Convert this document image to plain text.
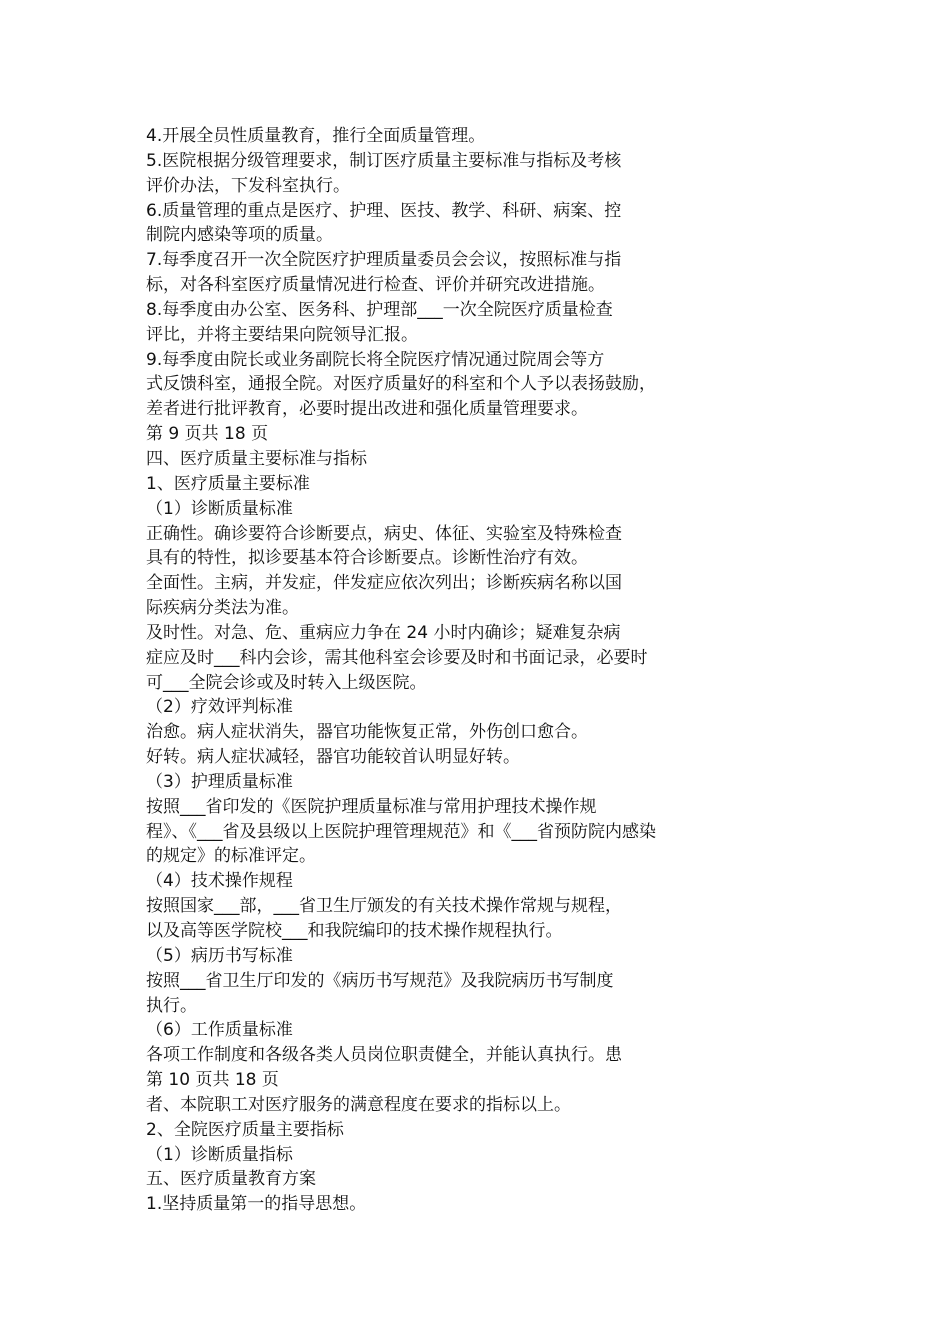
4.开展全员性质量教育，推行全面质量管理。
5.医院根据分级管理要求，制订医疗质量主要标准与指标及考核
评价办法，下发科室执行。
6.质量管理的重点是医疗、护理、医技、教学、科研、病案、控
制院内感染等项的质量。
7.每季度召开一次全院医疗护理质量委员会会议，按照标准与指
标，对各科室医疗质量情况进行检查、评价并研究改进措施。
8.每季度由办公室、医务科、护理部___一次全院医疗质量检查
评比，并将主要结果向院领导汇报。
9.每季度由院长或业务副院长将全院医疗情况通过院周会等方
式反馈科室，通报全院。对医疗质量好的科室和个人予以表扬鼓励，
差者进行批评教育，必要时提出改进和强化质量管理要求。
第 9 页共 18 页
四、医疗质量主要标准与指标
1、医疗质量主要标准
（1）诊断质量标准
正确性。确诊要符合诊断要点，病史、体征、实验室及特殊检查
具有的特性，拟诊要基本符合诊断要点。诊断性治疗有效。
全面性。主病，并发症，伴发症应依次列出；诊断疾病名称以国
际疾病分类法为准。
及时性。对急、危、重病应力争在 24 小时内确诊；疑难复杂病
症应及时___科内会诊，需其他科室会诊要及时和书面记录，必要时
可___全院会诊或及时转入上级医院。
（2）疗效评判标准
治愈。病人症状消失，器官功能恢复正常，外伤创口愈合。
好转。病人症状减轻，器官功能较首认明显好转。
（3）护理质量标准
按照___省印发的《医院护理质量标准与常用护理技术操作规
程》、《___省及县级以上医院护理管理规范》和《___省预防院内感染
的规定》的标准评定。
（4）技术操作规程
按照国家___部，___省卫生厅颁发的有关技术操作常规与规程，
以及高等医学院校___和我院编印的技术操作规程执行。
（5）病历书写标准
按照___省卫生厅印发的《病历书写规范》及我院病历书写制度
执行。
（6）工作质量标准
各项工作制度和各级各类人员岗位职责健全，并能认真执行。患
第 10 页共 18 页
者、本院职工对医疗服务的满意程度在要求的指标以上。
2、全院医疗质量主要指标
（1）诊断质量指标
五、医疗质量教育方案
1.坚持质量第一的指导思想。
